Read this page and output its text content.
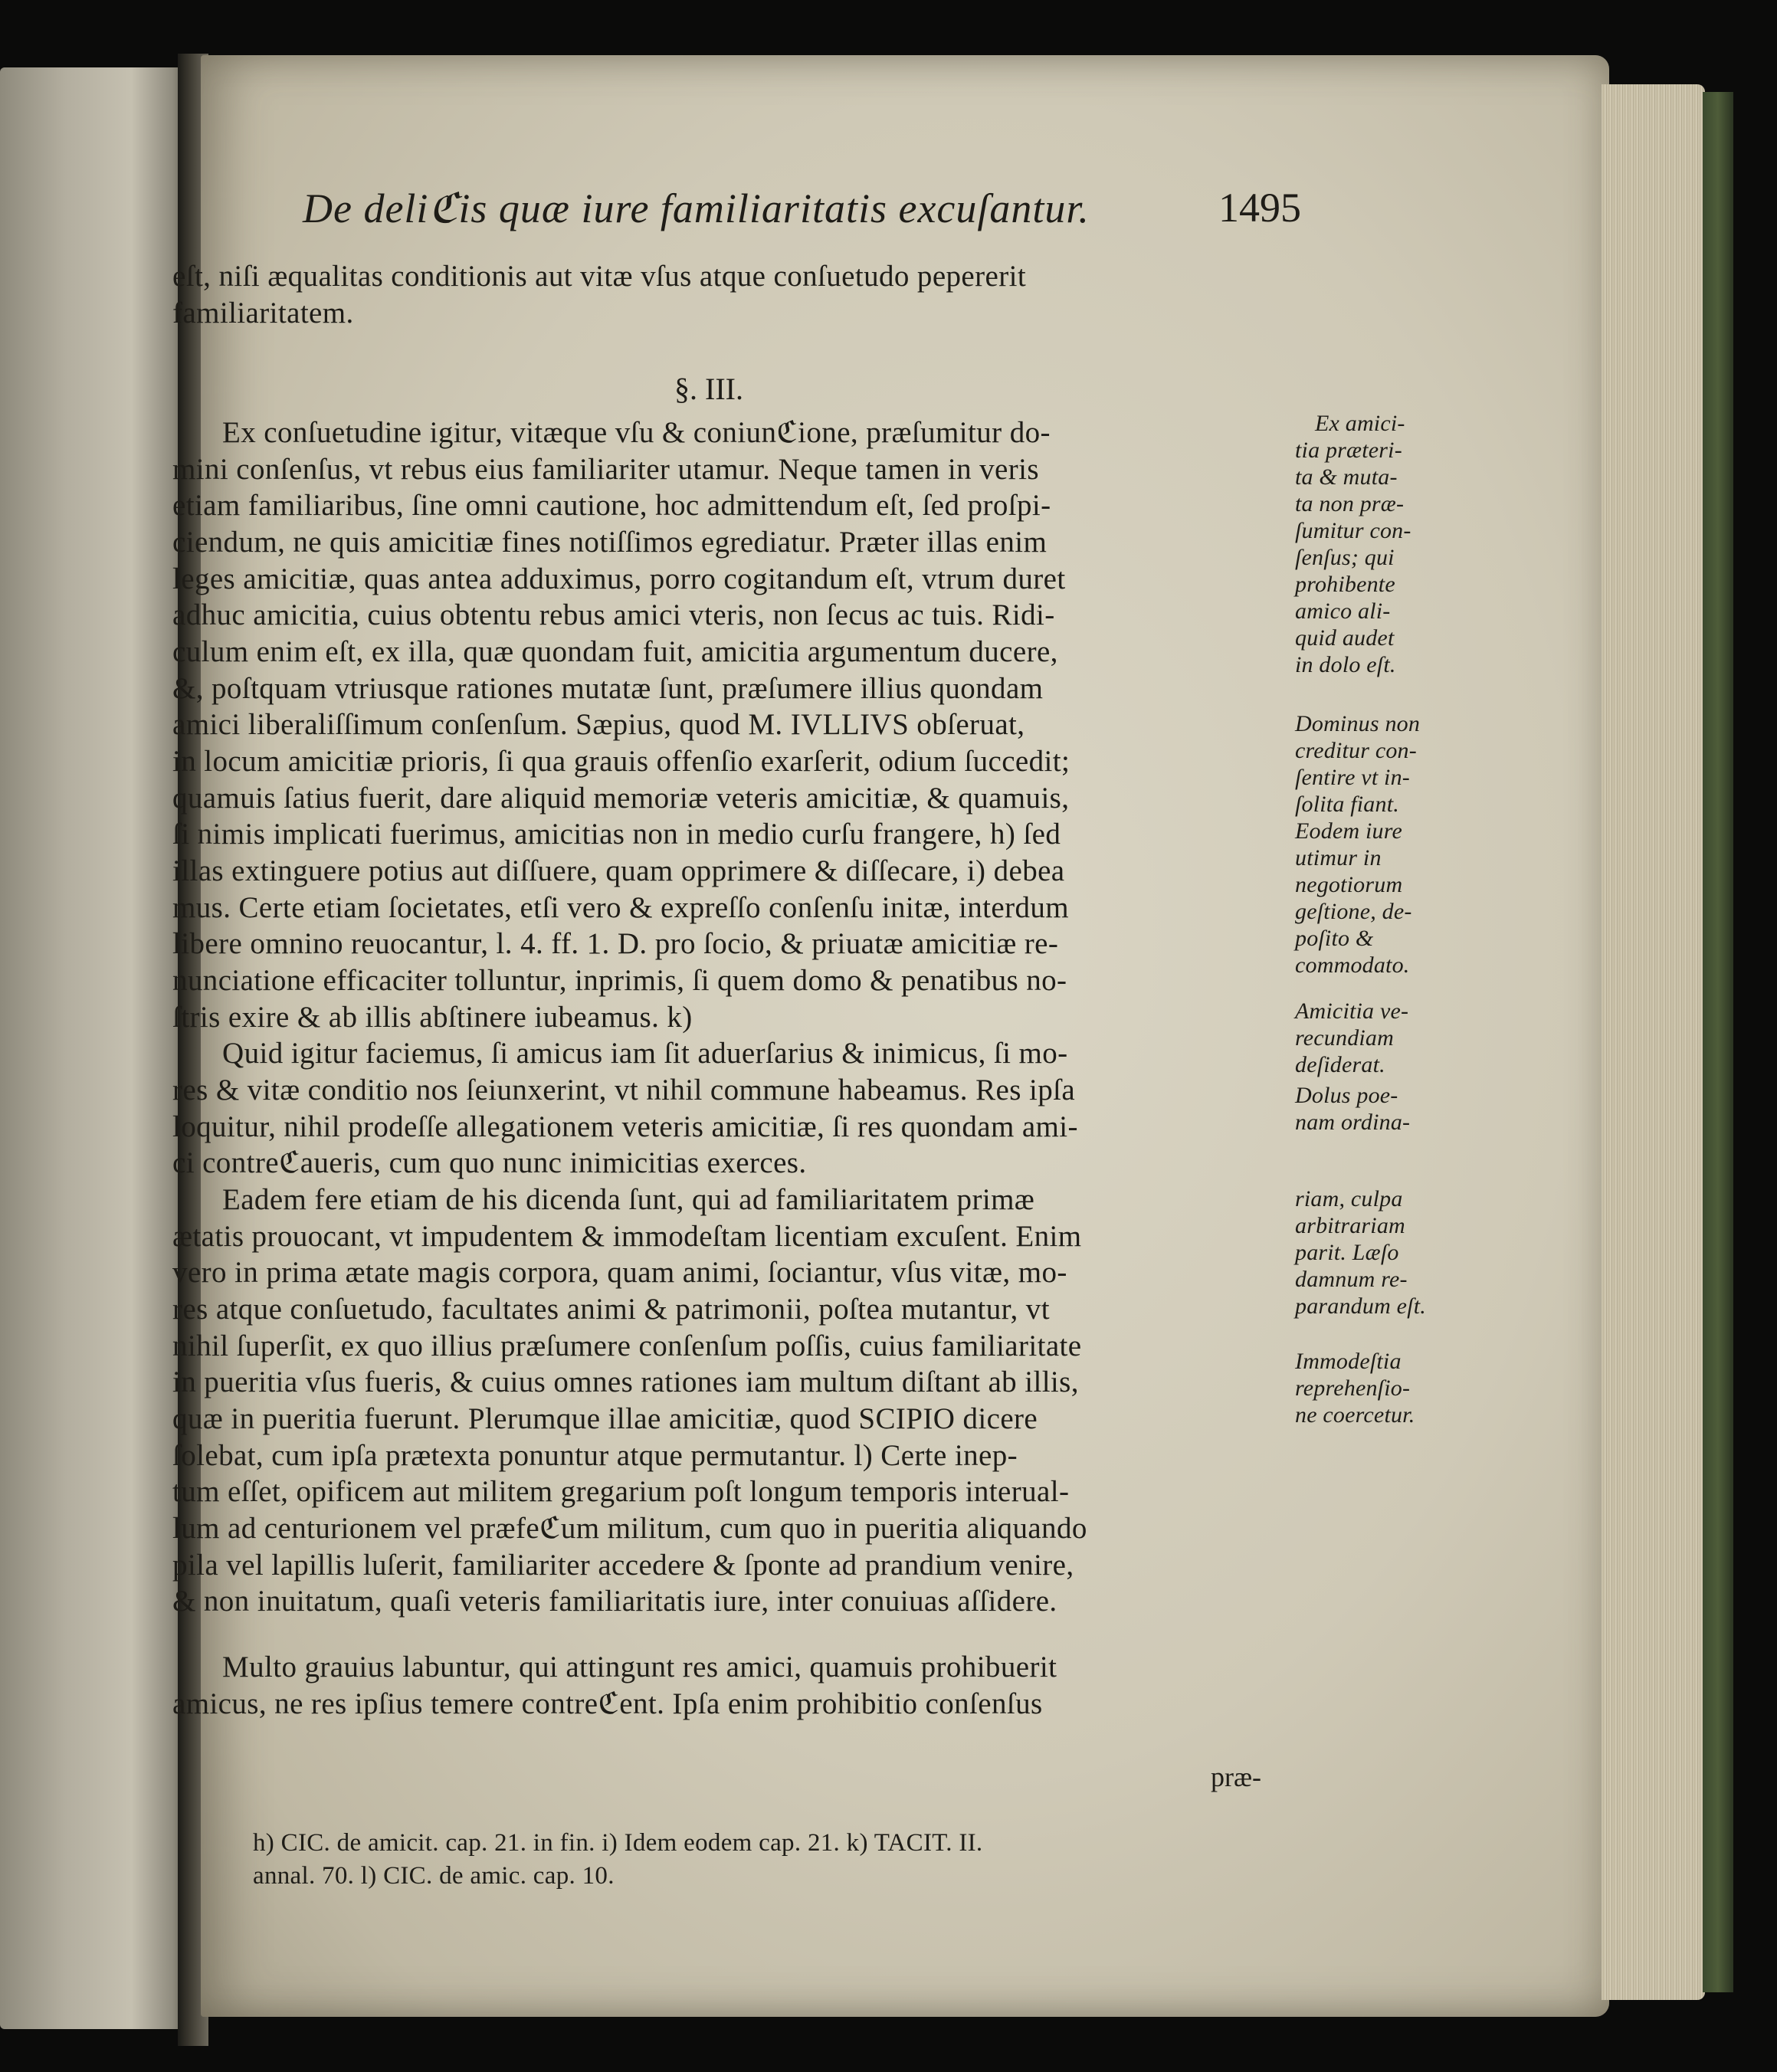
De deliℭis quæ iure familiaritatis excuſantur.	1495
§. III.
eſt, niſi æqualitas conditionis aut vitæ vſus atque conſuetudo pepererit
familiaritatem.
Ex conſuetudine igitur, vitæque vſu & coniunℭione, præſumitur do-
mini conſenſus, vt rebus eius familiariter utamur. Neque tamen in veris
etiam familiaribus, ſine omni cautione, hoc admittendum eſt, ſed proſpi-
ciendum, ne quis amicitiæ fines notiſſimos egrediatur. Præter illas enim
leges amicitiæ, quas antea adduximus, porro cogitandum eſt, vtrum duret
adhuc amicitia, cuius obtentu rebus amici vteris, non ſecus ac tuis. Ridi-
culum enim eſt, ex illa, quæ quondam fuit, amicitia argumentum ducere,
&, poſtquam vtriusque rationes mutatæ ſunt, præſumere illius quondam
amici liberaliſſimum conſenſum. Sæpius, quod M. IVLLIVS obſeruat,
in locum amicitiæ prioris, ſi qua grauis offenſio exarſerit, odium ſuccedit;
quamuis ſatius fuerit, dare aliquid memoriæ veteris amicitiæ, & quamuis,
ſi nimis implicati fuerimus, amicitias non in medio curſu frangere, h) ſed
illas extinguere potius aut diſſuere, quam opprimere & diſſecare, i) debea
mus. Certe etiam ſocietates, etſi vero & expreſſo conſenſu initæ, interdum
libere omnino reuocantur, l. 4. ff. 1. D. pro ſocio, & priuatæ amicitiæ re-
nunciatione efficaciter tolluntur, inprimis, ſi quem domo & penatibus no-
ſtris exire & ab illis abſtinere iubeamus. k)
Quid igitur faciemus, ſi amicus iam ſit aduerſarius & inimicus, ſi mo-
res & vitæ conditio nos ſeiunxerint, vt nihil commune habeamus. Res ipſa
loquitur, nihil prodeſſe allegationem veteris amicitiæ, ſi res quondam ami-
ci contreℭaueris, cum quo nunc inimicitias exerces.
Eadem fere etiam de his dicenda ſunt, qui ad familiaritatem primæ
ætatis prouocant, vt impudentem & immodeſtam licentiam excuſent. Enim
vero in prima ætate magis corpora, quam animi, ſociantur, vſus vitæ, mo-
res atque conſuetudo, facultates animi & patrimonii, poſtea mutantur, vt
nihil ſuperſit, ex quo illius præſumere conſenſum poſſis, cuius familiaritate
in pueritia vſus fueris, & cuius omnes rationes iam multum diſtant ab illis,
quæ in pueritia fuerunt. Plerumque illae amicitiæ, quod SCIPIO dicere
ſolebat, cum ipſa prætexta ponuntur atque permutantur. l) Certe inep-
tum eſſet, opificem aut militem gregarium poſt longum temporis interual-
lum ad centurionem vel præfeℭum militum, cum quo in pueritia aliquando
pila vel lapillis luſerit, familiariter accedere & ſponte ad prandium venire,
& non inuitatum, quaſi veteris familiaritatis iure, inter conuiuas aſſidere.
Multo grauius labuntur, qui attingunt res amici, quamuis prohibuerit
amicus, ne res ipſius temere contreℭent. Ipſa enim prohibitio conſenſus
præ-
Ex amici-
tia præteri-
ta & muta-
ta non præ-
ſumitur con-
ſenſus; qui
prohibente
amico ali-
quid audet
in dolo eſt.
Dominus non
creditur con-
ſentire vt in-
ſolita fiant.
Eodem iure
utimur in
negotiorum
geſtione, de-
poſito &
commodato.
Amicitia ve-
recundiam
deſiderat.
Dolus poe-
nam ordina-
riam, culpa
arbitrariam
parit. Læſo
damnum re-
parandum eſt.
Immodeſtia
reprehenſio-
ne coercetur.
h) CIC. de amicit. cap. 21. in fin. i) Idem eodem cap. 21. k) TACIT. II.
annal. 70. l) CIC. de amic. cap. 10.
